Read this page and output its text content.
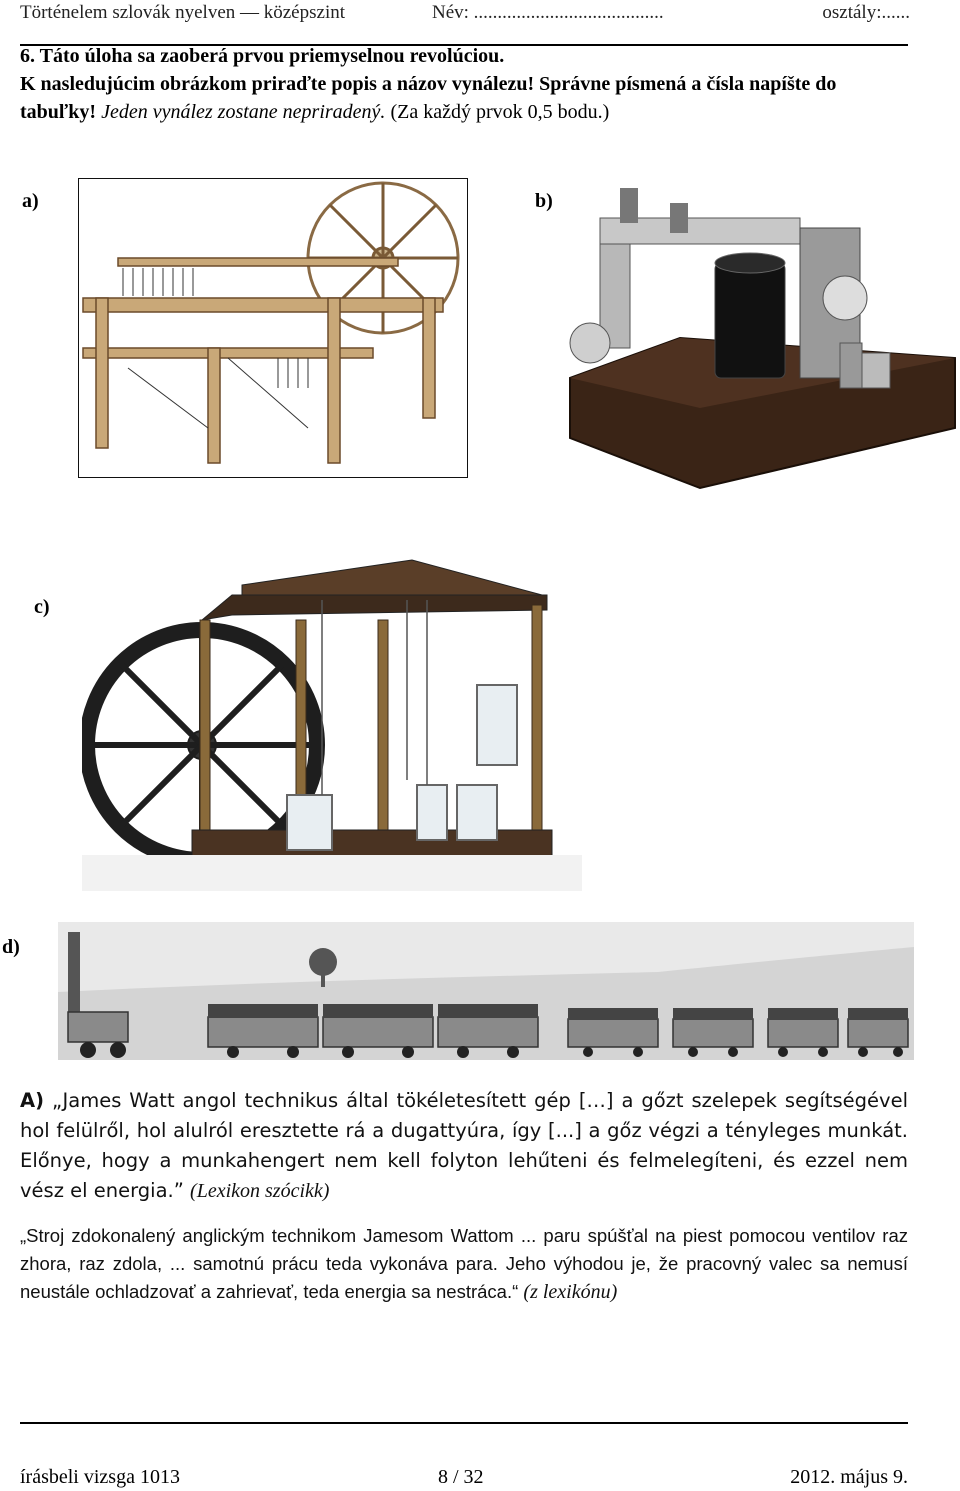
Történelem szlovák nyelven — középszint	Név: ........................................	osztály:......
6. Táto úloha sa zaoberá prvou priemyselnou revolúciou.
K nasledujúcim obrázkom priraďte popis a názov vynálezu! Správne písmená a čísla napíšte do tabuľky! Jeden vynález zostane nepriradený. (Za každý prvok 0,5 bodu.)
a)	b)
c)
d)
A) „James Watt angol technikus által tökéletesített gép […] a gőzt szelepek segítségével hol felülről, hol alulról eresztette rá a dugattyúra, így [...] a gőz végzi a tényleges munkát. Előnye, hogy a munkahengert nem kell folyton lehűteni és felmelegíteni, és ezzel nem vész el energia.” (Lexikon szócikk)
„Stroj zdokonalený anglickým technikom Jamesom Wattom ... paru spúšťal na piest pomocou ventilov raz zhora, raz zdola, ... samotnú prácu teda vykonáva para. Jeho výhodou je, že pracovný valec sa nemusí neustále ochladzovať a zahrievať, teda energia sa nestráca.“ (z lexikónu)
írásbeli vizsga 1013	8 / 32	2012. május 9.
